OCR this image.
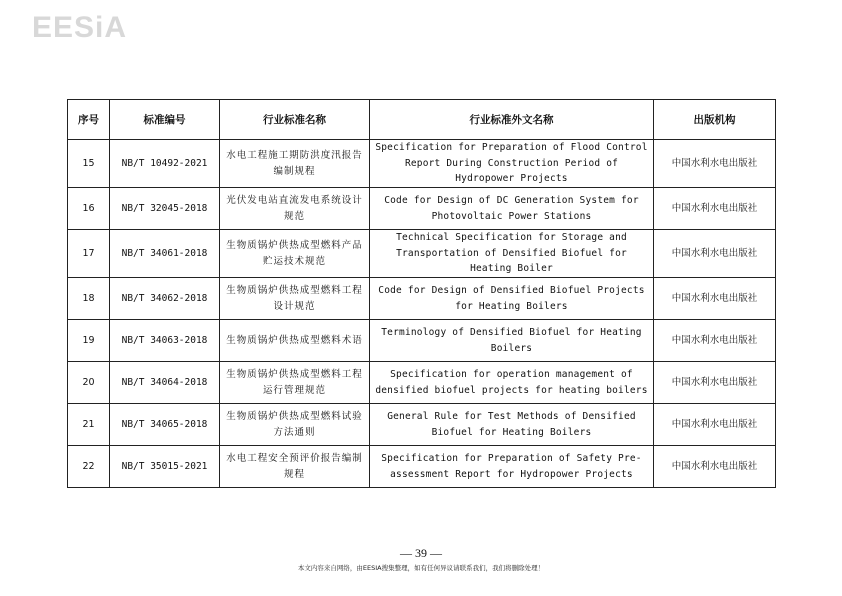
EESiA
序号	标准编号	行业标准名称	行业标准外文名称	出版机构
15	NB/T 10492-2021	水电工程施工期防洪度汛报告编制规程	Specification for Preparation of Flood Control Report During Construction Period of Hydropower Projects	中国水利水电出版社
16	NB/T 32045-2018	光伏发电站直流发电系统设计规范	Code for Design of DC Generation System for Photovoltaic Power Stations	中国水利水电出版社
17	NB/T 34061-2018	生物质锅炉供热成型燃料产品贮运技术规范	Technical Specification for Storage and Transportation of Densified Biofuel for Heating Boiler	中国水利水电出版社
18	NB/T 34062-2018	生物质锅炉供热成型燃料工程设计规范	Code for Design of Densified Biofuel Projects for Heating Boilers	中国水利水电出版社
19	NB/T 34063-2018	生物质锅炉供热成型燃料术语	Terminology of Densified Biofuel for Heating Boilers	中国水利水电出版社
20	NB/T 34064-2018	生物质锅炉供热成型燃料工程运行管理规范	Specification for operation management of densified biofuel projects for heating boilers	中国水利水电出版社
21	NB/T 34065-2018	生物质锅炉供热成型燃料试验方法通则	General Rule for Test Methods of Densified Biofuel for Heating Boilers	中国水利水电出版社
22	NB/T 35015-2021	水电工程安全预评价报告编制规程	Specification for Preparation of Safety Pre-assessment Report for Hydropower Projects	中国水利水电出版社
— 39 —
本文内容来自网络，由EESIA搜集整理，如有任何异议请联系我们，我们将删除处理！
